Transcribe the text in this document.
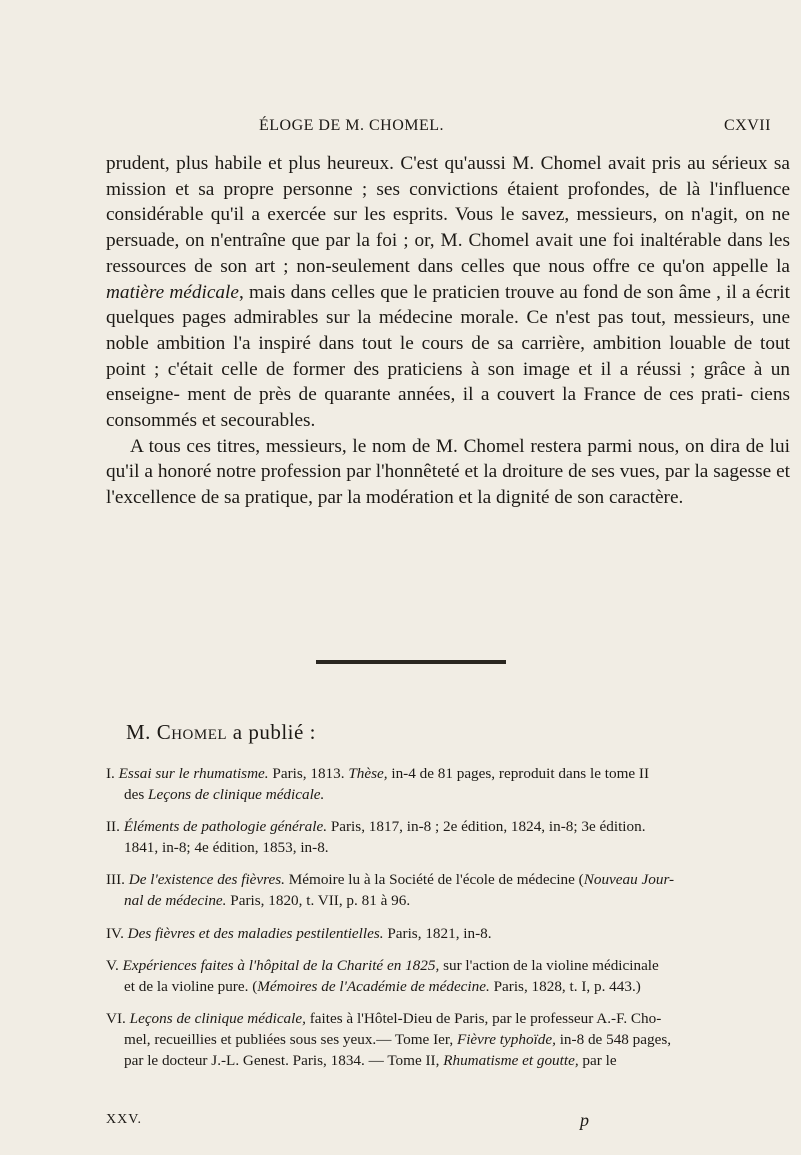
ÉLOGE DE M. CHOMEL.	CXVII

prudent, plus habile et plus heureux. C'est qu'aussi M. Chomel avait pris au sérieux sa mission et sa propre personne ; ses convictions étaient profondes, de là l'influence considérable qu'il a exercée sur les esprits. Vous le savez, messieurs, on n'agit, on ne persuade, on n'entraîne que par la foi ; or, M. Chomel avait une foi inaltérable dans les ressources de son art ; non-seulement dans celles que nous offre ce qu'on appelle la matière médicale, mais dans celles que le praticien trouve au fond de son âme , il a écrit quelques pages admirables sur la médecine morale. Ce n'est pas tout, messieurs, une noble ambition l'a inspiré dans tout le cours de sa carrière, ambition louable de tout point ; c'était celle de former des praticiens à son image et il a réussi ; grâce à un enseigne- ment de près de quarante années, il a couvert la France de ces prati- ciens consommés et secourables.

A tous ces titres, messieurs, le nom de M. Chomel restera parmi nous, on dira de lui qu'il a honoré notre profession par l'honnêteté et la droiture de ses vues, par la sagesse et l'excellence de sa pratique, par la modération et la dignité de son caractère.

M. Chomel a publié :
I. Essai sur le rhumatisme. Paris, 1813. Thèse, in-4 de 81 pages, reproduit dans le tome II
des Leçons de clinique médicale.
II. Éléments de pathologie générale. Paris, 1817, in-8 ; 2e édition, 1824, in-8; 3e édition.
1841, in-8; 4e édition, 1853, in-8.
III. De l'existence des fièvres. Mémoire lu à la Société de l'école de médecine (Nouveau Jour-
nal de médecine. Paris, 1820, t. VII, p. 81 à 96.
IV. Des fièvres et des maladies pestilentielles. Paris, 1821, in-8.
V. Expériences faites à l'hôpital de la Charité en 1825, sur l'action de la violine médicinale
et de la violine pure. (Mémoires de l'Académie de médecine. Paris, 1828, t. I, p. 443.)
VI. Leçons de clinique médicale, faites à l'Hôtel-Dieu de Paris, par le professeur A.-F. Cho-
mel, recueillies et publiées sous ses yeux.— Tome Ier, Fièvre typhoïde, in-8 de 548 pages,
par le docteur J.-L. Genest. Paris, 1834. — Tome II, Rhumatisme et goutte, par le
XXV.	p
